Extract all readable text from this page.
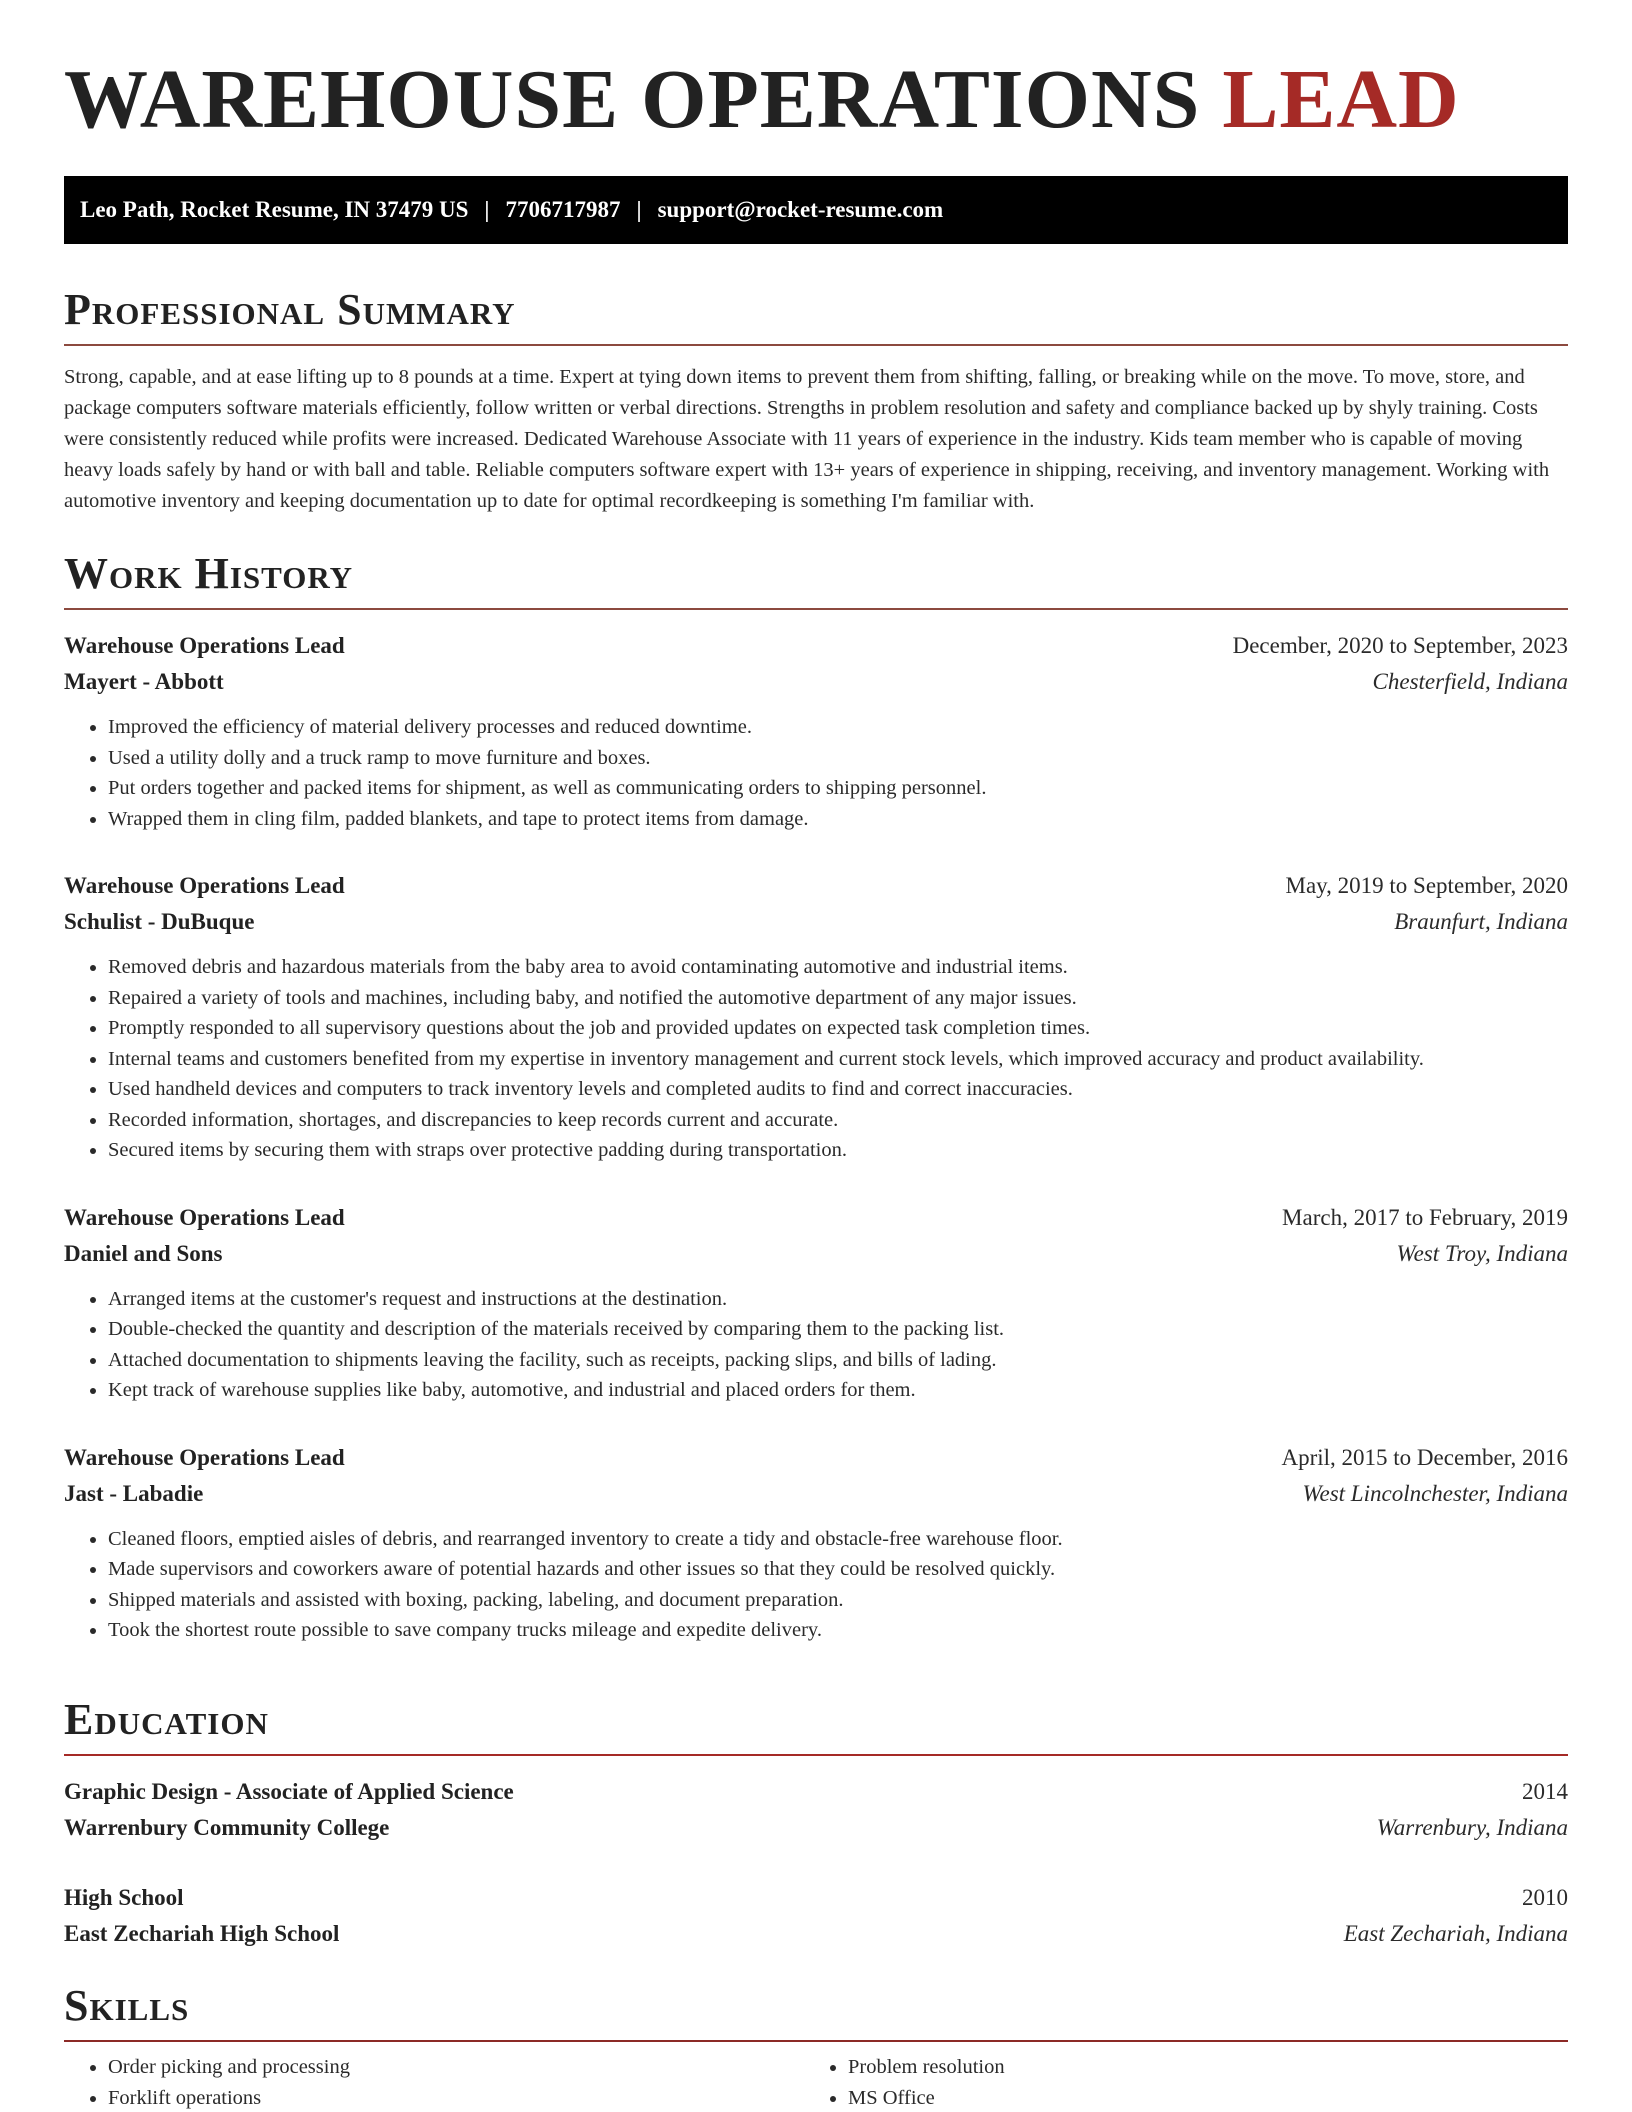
WAREHOUSE OPERATIONS LEAD
Leo Path, Rocket Resume, IN 37479 US | 7706717987 | support@rocket-resume.com
Professional Summary

Strong, capable, and at ease lifting up to 8 pounds at a time. Expert at tying down items to prevent them from shifting, falling, or breaking while on the move. To move, store, and package computers software materials efficiently, follow written or verbal directions. Strengths in problem resolution and safety and compliance backed up by shyly training. Costs were consistently reduced while profits were increased. Dedicated Warehouse Associate with 11 years of experience in the industry. Kids team member who is capable of moving heavy loads safely by hand or with ball and table. Reliable computers software expert with 13+ years of experience in shipping, receiving, and inventory management. Working with automotive inventory and keeping documentation up to date for optimal recordkeeping is something I'm familiar with.

Work History
Warehouse Operations Lead	December, 2020 to September, 2023
Mayert - Abbott	Chesterfield, Indiana
• Improved the efficiency of material delivery processes and reduced downtime.
• Used a utility dolly and a truck ramp to move furniture and boxes.
• Put orders together and packed items for shipment, as well as communicating orders to shipping personnel.
• Wrapped them in cling film, padded blankets, and tape to protect items from damage.
Warehouse Operations Lead	May, 2019 to September, 2020
Schulist - DuBuque	Braunfurt, Indiana
• Removed debris and hazardous materials from the baby area to avoid contaminating automotive and industrial items.
• Repaired a variety of tools and machines, including baby, and notified the automotive department of any major issues.
• Promptly responded to all supervisory questions about the job and provided updates on expected task completion times.
• Internal teams and customers benefited from my expertise in inventory management and current stock levels, which improved accuracy and product availability.
• Used handheld devices and computers to track inventory levels and completed audits to find and correct inaccuracies.
• Recorded information, shortages, and discrepancies to keep records current and accurate.
• Secured items by securing them with straps over protective padding during transportation.
Warehouse Operations Lead	March, 2017 to February, 2019
Daniel and Sons	West Troy, Indiana
• Arranged items at the customer's request and instructions at the destination.
• Double-checked the quantity and description of the materials received by comparing them to the packing list.
• Attached documentation to shipments leaving the facility, such as receipts, packing slips, and bills of lading.
• Kept track of warehouse supplies like baby, automotive, and industrial and placed orders for them.
Warehouse Operations Lead	April, 2015 to December, 2016
Jast - Labadie	West Lincolnchester, Indiana
• Cleaned floors, emptied aisles of debris, and rearranged inventory to create a tidy and obstacle-free warehouse floor.
• Made supervisors and coworkers aware of potential hazards and other issues so that they could be resolved quickly.
• Shipped materials and assisted with boxing, packing, labeling, and document preparation.
• Took the shortest route possible to save company trucks mileage and expedite delivery.
Education
Graphic Design - Associate of Applied Science	2014
Warrenbury Community College	Warrenbury, Indiana
High School	2010
East Zechariah High School	East Zechariah, Indiana
Skills
• Order picking and processing
• Forklift operations
• Problem resolution
• MS Office
